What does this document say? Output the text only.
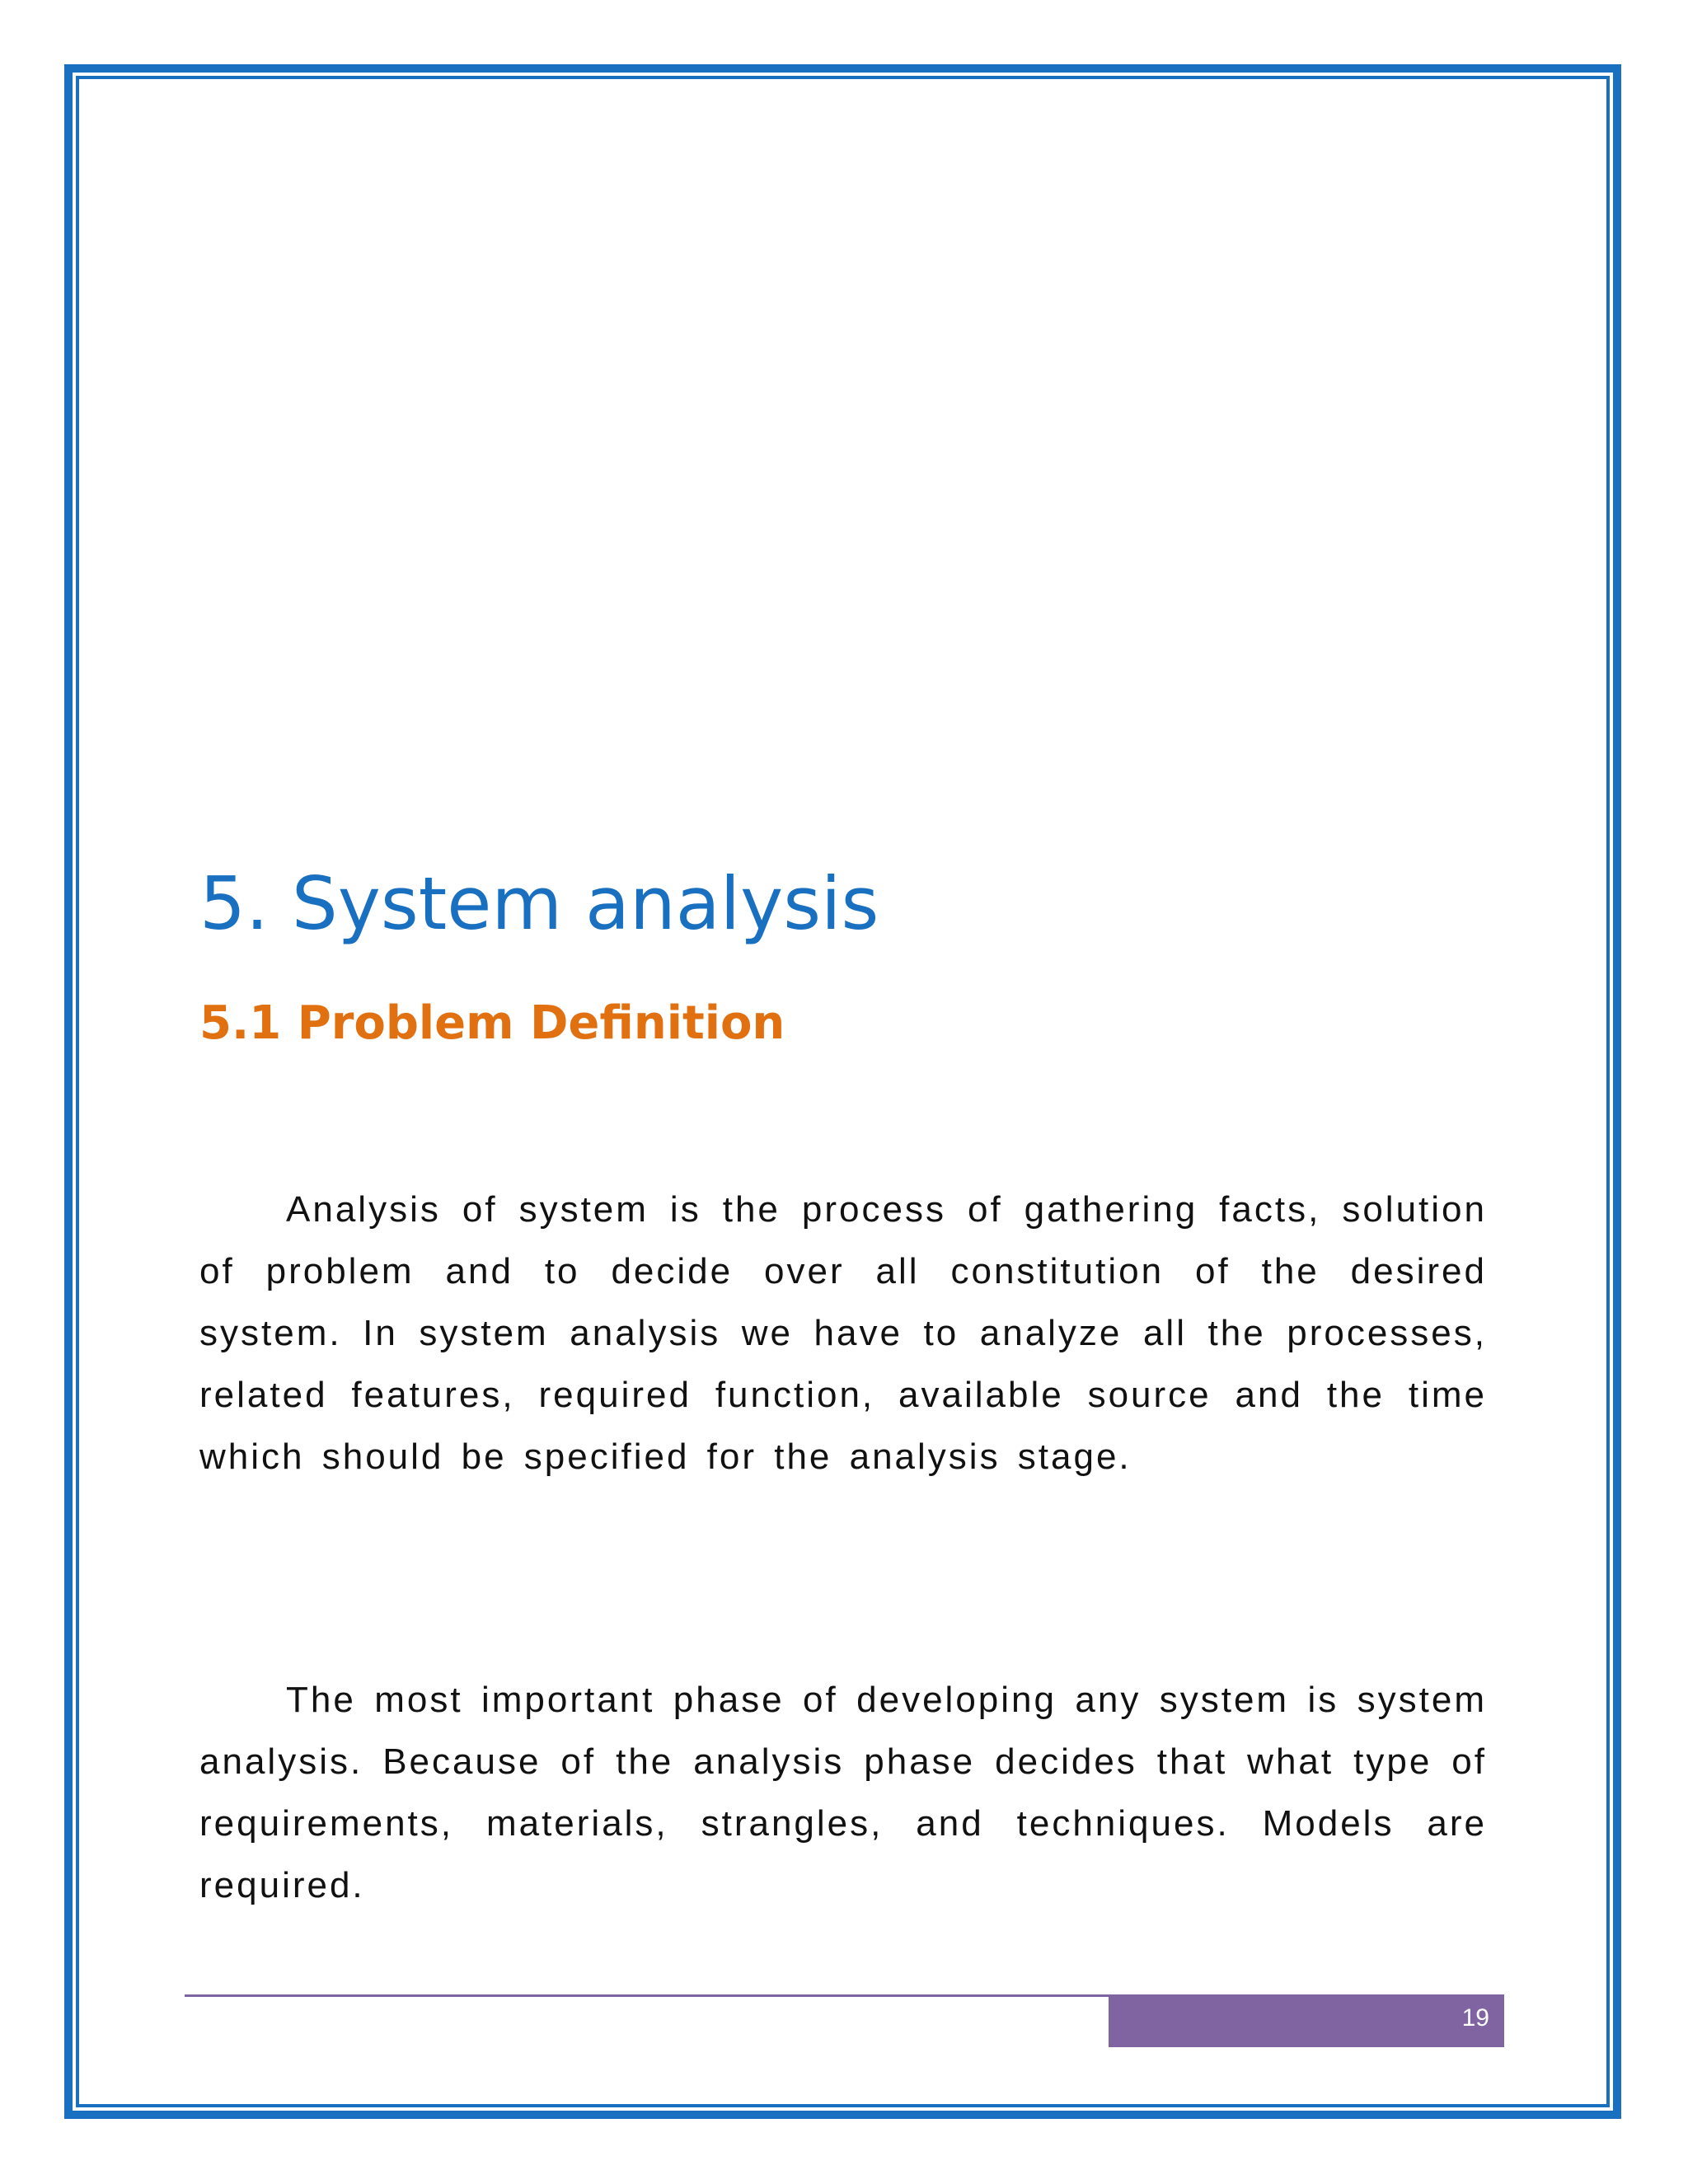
5. System analysis
5.1 Problem Definition

Analysis of system is the process of gathering facts, solution of problem and to decide over all constitution of the desired system. In system analysis we have to analyze all the processes, related features, required function, available source and the time which should be specified for the analysis stage.

The most important phase of developing any system is system analysis. Because of the analysis phase decides that what type of requirements, materials, strangles, and techniques. Models are required.

19
